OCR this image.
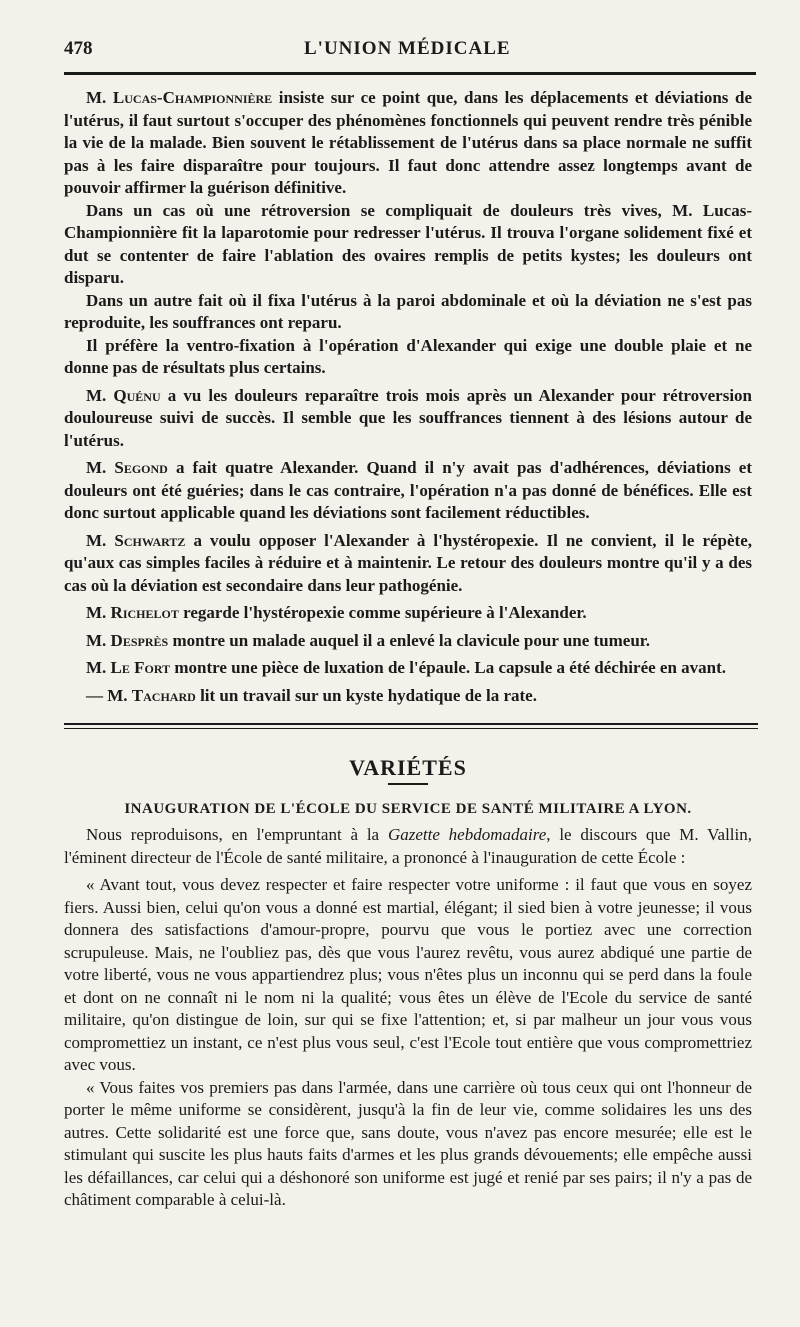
478	L'UNION MÉDICALE

M. Lucas-Championnière insiste sur ce point que, dans les déplacements et déviations de l'utérus, il faut surtout s'occuper des phénomènes fonctionnels qui peuvent rendre très pénible la vie de la malade. Bien souvent le rétablissement de l'utérus dans sa place normale ne suffit pas à les faire disparaître pour toujours. Il faut donc attendre assez longtemps avant de pouvoir affirmer la guérison définitive.

Dans un cas où une rétroversion se compliquait de douleurs très vives, M. Lucas-Championnière fit la laparotomie pour redresser l'utérus. Il trouva l'organe solidement fixé et dut se contenter de faire l'ablation des ovaires remplis de petits kystes; les douleurs ont disparu.

Dans un autre fait où il fixa l'utérus à la paroi abdominale et où la déviation ne s'est pas reproduite, les souffrances ont reparu.

Il préfère la ventro-fixation à l'opération d'Alexander qui exige une double plaie et ne donne pas de résultats plus certains.

M. Quénu a vu les douleurs reparaître trois mois après un Alexander pour rétroversion douloureuse suivi de succès. Il semble que les souffrances tiennent à des lésions autour de l'utérus.

M. Segond a fait quatre Alexander. Quand il n'y avait pas d'adhérences, déviations et douleurs ont été guéries; dans le cas contraire, l'opération n'a pas donné de bénéfices. Elle est donc surtout applicable quand les déviations sont facilement réductibles.

M. Schwartz a voulu opposer l'Alexander à l'hystéropexie. Il ne convient, il le répète, qu'aux cas simples faciles à réduire et à maintenir. Le retour des douleurs montre qu'il y a des cas où la déviation est secondaire dans leur pathogénie.

M. Richelot regarde l'hystéropexie comme supérieure à l'Alexander.

M. Desprès montre un malade auquel il a enlevé la clavicule pour une tumeur.

M. Le Fort montre une pièce de luxation de l'épaule. La capsule a été déchirée en avant.

— M. Tachard lit un travail sur un kyste hydatique de la rate.

VARIÉTÉS
INAUGURATION DE L'ÉCOLE DU SERVICE DE SANTÉ MILITAIRE A LYON.

Nous reproduisons, en l'empruntant à la Gazette hebdomadaire, le discours que M. Vallin, l'éminent directeur de l'École de santé militaire, a prononcé à l'inauguration de cette École :

« Avant tout, vous devez respecter et faire respecter votre uniforme : il faut que vous en soyez fiers. Aussi bien, celui qu'on vous a donné est martial, élégant; il sied bien à votre jeunesse; il vous donnera des satisfactions d'amour-propre, pourvu que vous le portiez avec une correction scrupuleuse. Mais, ne l'oubliez pas, dès que vous l'aurez revêtu, vous aurez abdiqué une partie de votre liberté, vous ne vous appartiendrez plus; vous n'êtes plus un inconnu qui se perd dans la foule et dont on ne connaît ni le nom ni la qualité; vous êtes un élève de l'Ecole du service de santé militaire, qu'on distingue de loin, sur qui se fixe l'attention; et, si par malheur un jour vous vous compromettiez un instant, ce n'est plus vous seul, c'est l'Ecole tout entière que vous compromettriez avec vous.

« Vous faites vos premiers pas dans l'armée, dans une carrière où tous ceux qui ont l'honneur de porter le même uniforme se considèrent, jusqu'à la fin de leur vie, comme solidaires les uns des autres. Cette solidarité est une force que, sans doute, vous n'avez pas encore mesurée; elle est le stimulant qui suscite les plus hauts faits d'armes et les plus grands dévouements; elle empêche aussi les défaillances, car celui qui a déshonoré son uniforme est jugé et renié par ses pairs; il n'y a pas de châtiment comparable à celui-là.
